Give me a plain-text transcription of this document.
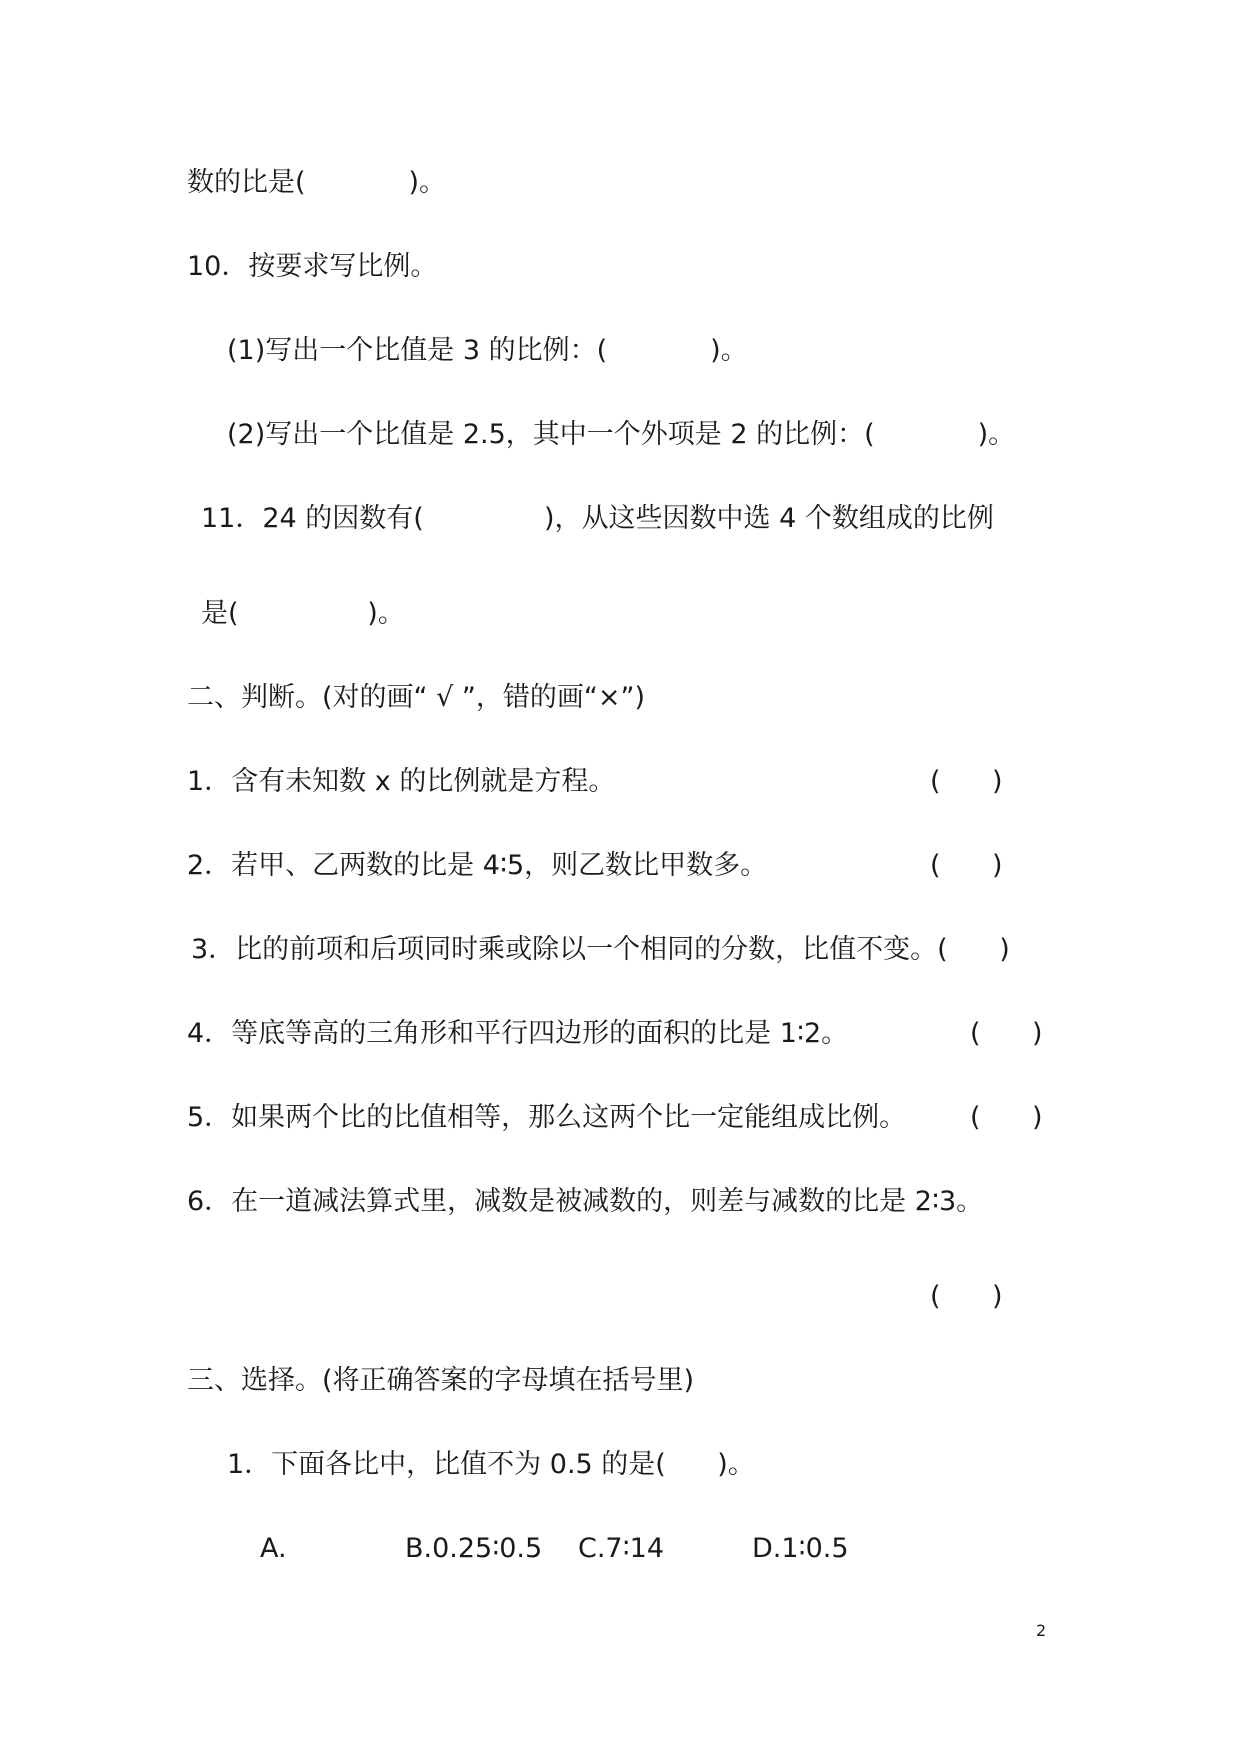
数的比是(            )。
10．按要求写比例。
(1)写出一个比值是 3 的比例：(            )。
(2)写出一个比值是 2.5，其中一个外项是 2 的比例：(            )。
11．24 的因数有(              )，从这些因数中选 4 个数组成的比例
是(               )。
二、判断。(对的画“ √ ”，错的画“×”)
1．含有未知数 x 的比例就是方程。	(      )
2．若甲、乙两数的比是 4∶5，则乙数比甲数多。	(      )
3．比的前项和后项同时乘或除以一个相同的分数，比值不变。(      )
4．等底等高的三角形和平行四边形的面积的比是 1∶2。	(      )
5．如果两个比的比值相等，那么这两个比一定能组成比例。 (      )
6．在一道减法算式里，减数是被减数的，则差与减数的比是 2∶3。
(      )
三、选择。(将正确答案的字母填在括号里)
1．下面各比中，比值不为 0.5 的是(      )。
A.	B.0.25∶0.5 C.7∶14	D.1∶0.5
2
